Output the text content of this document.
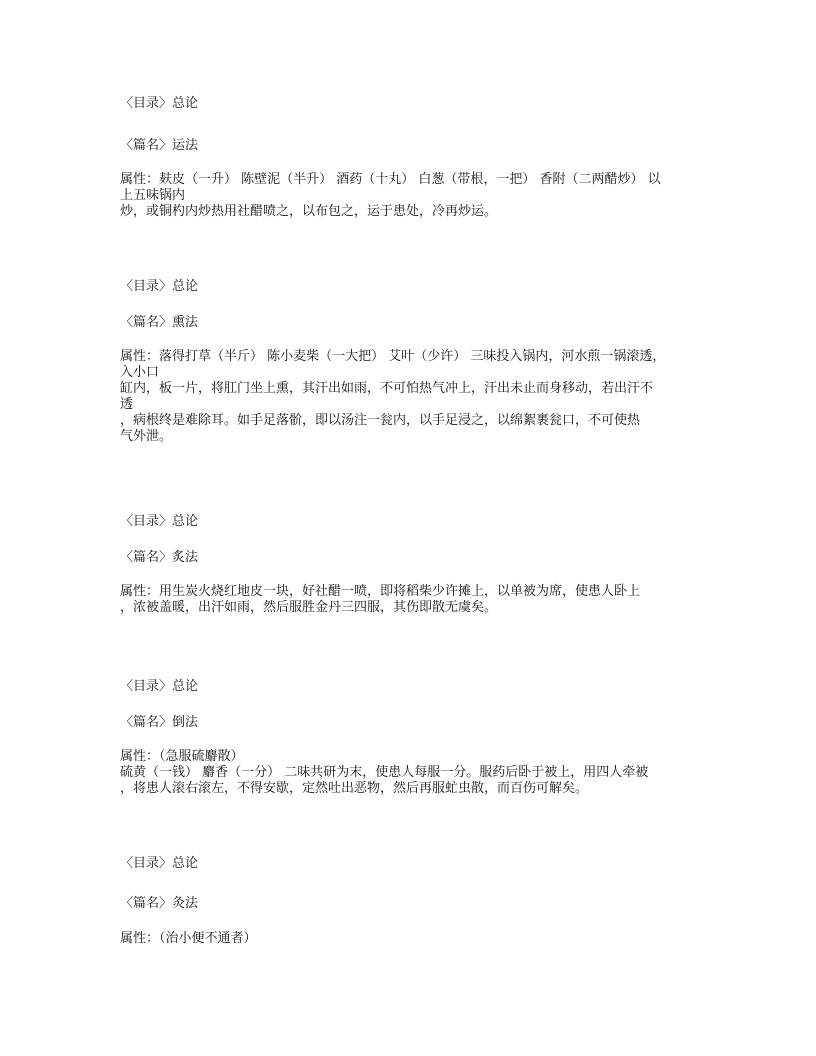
〈目录〉总论
〈篇名〉运法
属性：麸皮（一升） 陈壁泥（半升） 酒药（十丸） 白葱（带根，一把） 香附（二两醋炒） 以
上五味锅内
炒，或铜杓内炒热用社醋喷之，以布包之，运于患处，冷再炒运。
〈目录〉总论
〈篇名〉熏法
属性：落得打草（半斤） 陈小麦柴（一大把） 艾叶（少许） 三味投入锅内，河水煎一锅滚透，
入小口
缸内，板一片，将肛门坐上熏，其汗出如雨，不可怕热气冲上，汗出未止而身移动，若出汗不
透
，病根终是难除耳。如手足落骱，即以汤注一瓮内，以手足浸之，以绵絮裹瓮口，不可使热
气外泄。
〈目录〉总论
〈篇名〉炙法
属性：用生炭火烧红地皮一块，好社醋一喷，即将稻柴少许摊上，以单被为席，使患人卧上
，浓被盖暖，出汗如雨，然后服胜金丹三四服，其伤即散无虞矣。
〈目录〉总论
〈篇名〉倒法
属性：（急服硫麝散）
硫黄（一钱） 麝香（一分） 二味共研为末，使患人每服一分。服药后卧于被上，用四人牵被
，将患人滚右滚左，不得安歇，定然吐出恶物，然后再服虻虫散，而百伤可解矣。
〈目录〉总论
〈篇名〉灸法
属性：（治小便不通者）
